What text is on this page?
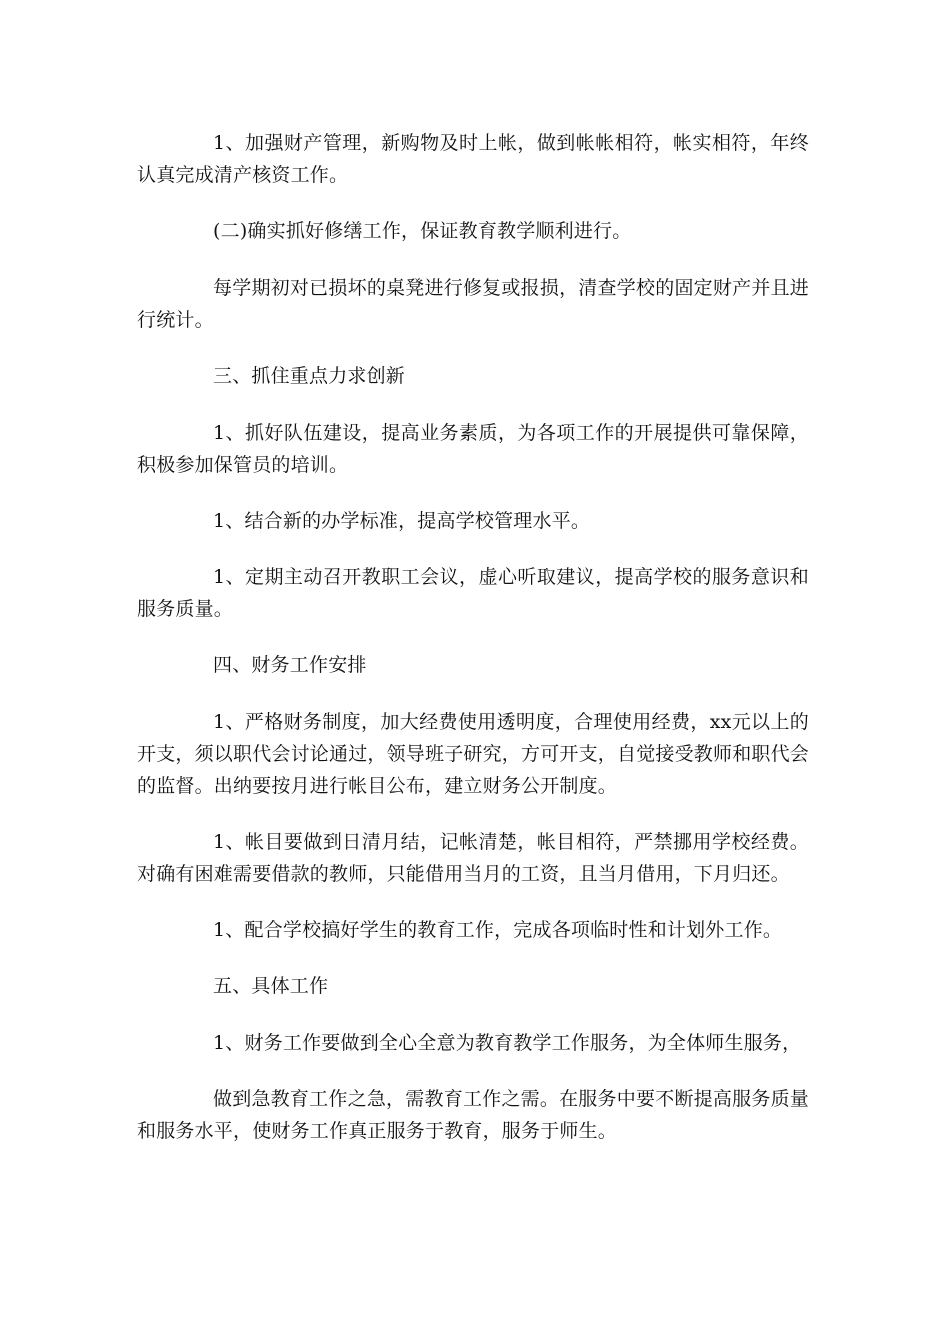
1、加强财产管理，新购物及时上帐，做到帐帐相符，帐实相符，年终认真完成清产核资工作。

(二)确实抓好修缮工作，保证教育教学顺利进行。

每学期初对已损坏的桌凳进行修复或报损，清查学校的固定财产并且进行统计。

三、抓住重点力求创新

1、抓好队伍建设，提高业务素质，为各项工作的开展提供可靠保障，积极参加保管员的培训。

1、结合新的办学标准，提高学校管理水平。

1、定期主动召开教职工会议，虚心听取建议，提高学校的服务意识和服务质量。

四、财务工作安排

1、严格财务制度，加大经费使用透明度，合理使用经费，xx元以上的开支，须以职代会讨论通过，领导班子研究，方可开支，自觉接受教师和职代会的监督。出纳要按月进行帐目公布，建立财务公开制度。

1、帐目要做到日清月结，记帐清楚，帐目相符，严禁挪用学校经费。对确有困难需要借款的教师，只能借用当月的工资，且当月借用，下月归还。

1、配合学校搞好学生的教育工作，完成各项临时性和计划外工作。

五、具体工作

1、财务工作要做到全心全意为教育教学工作服务，为全体师生服务，

做到急教育工作之急，需教育工作之需。在服务中要不断提高服务质量和服务水平，使财务工作真正服务于教育，服务于师生。
